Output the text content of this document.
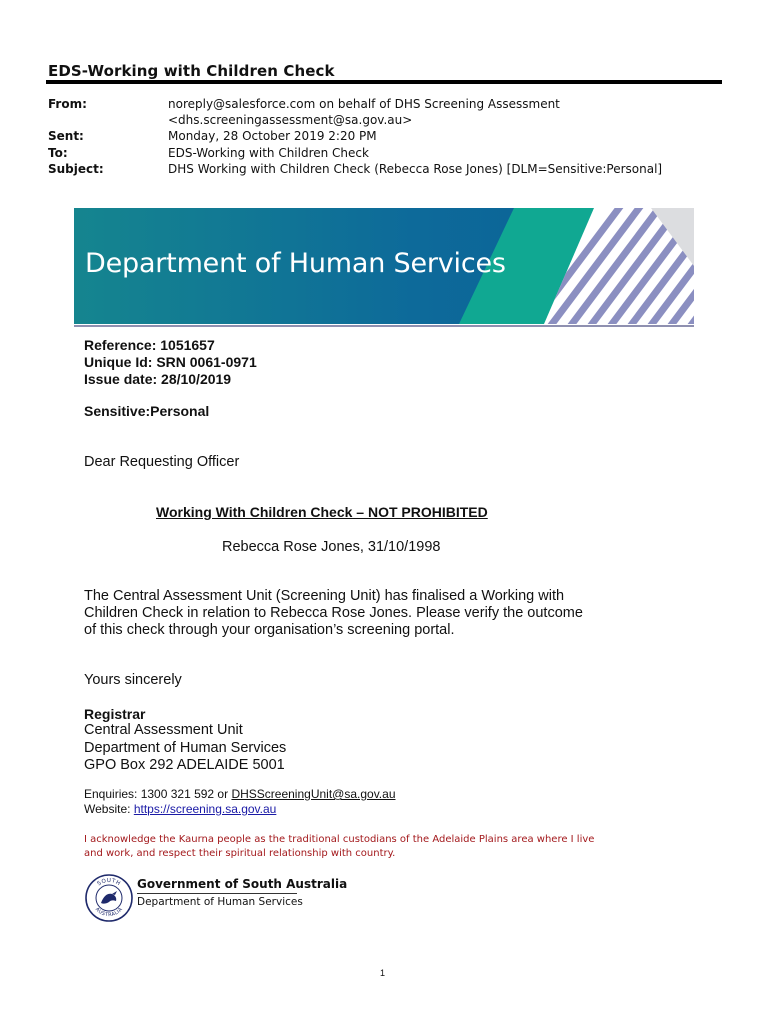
EDS-Working with Children Check
From:	noreply@salesforce.com on behalf of DHS Screening Assessment
<dhs.screeningassessment@sa.gov.au>
Sent:	Monday, 28 October 2019 2:20 PM
To:	EDS-Working with Children Check
Subject:	DHS Working with Children Check (Rebecca Rose Jones) [DLM=Sensitive:Personal]
Department of Human Services
Reference: 1051657
Unique Id: SRN 0061-0971
Issue date: 28/10/2019
Sensitive:Personal
Dear Requesting Officer
Working With Children Check – NOT PROHIBITED
Rebecca Rose Jones, 31/10/1998
The Central Assessment Unit (Screening Unit) has finalised a Working with Children Check in relation to Rebecca Rose Jones. Please verify the outcome of this check through your organisation’s screening portal.
Yours sincerely
Registrar
Central Assessment Unit
Department of Human Services
GPO Box 292 ADELAIDE 5001
Enquiries: 1300 321 592 or DHSScreeningUnit@sa.gov.au
Website: https://screening.sa.gov.au
I acknowledge the Kaurna people as the traditional custodians of the Adelaide Plains area where I live and work, and respect their spiritual relationship with country.
SOUTH
AUSTRALIA
Government of South Australia
Department of Human Services
1
